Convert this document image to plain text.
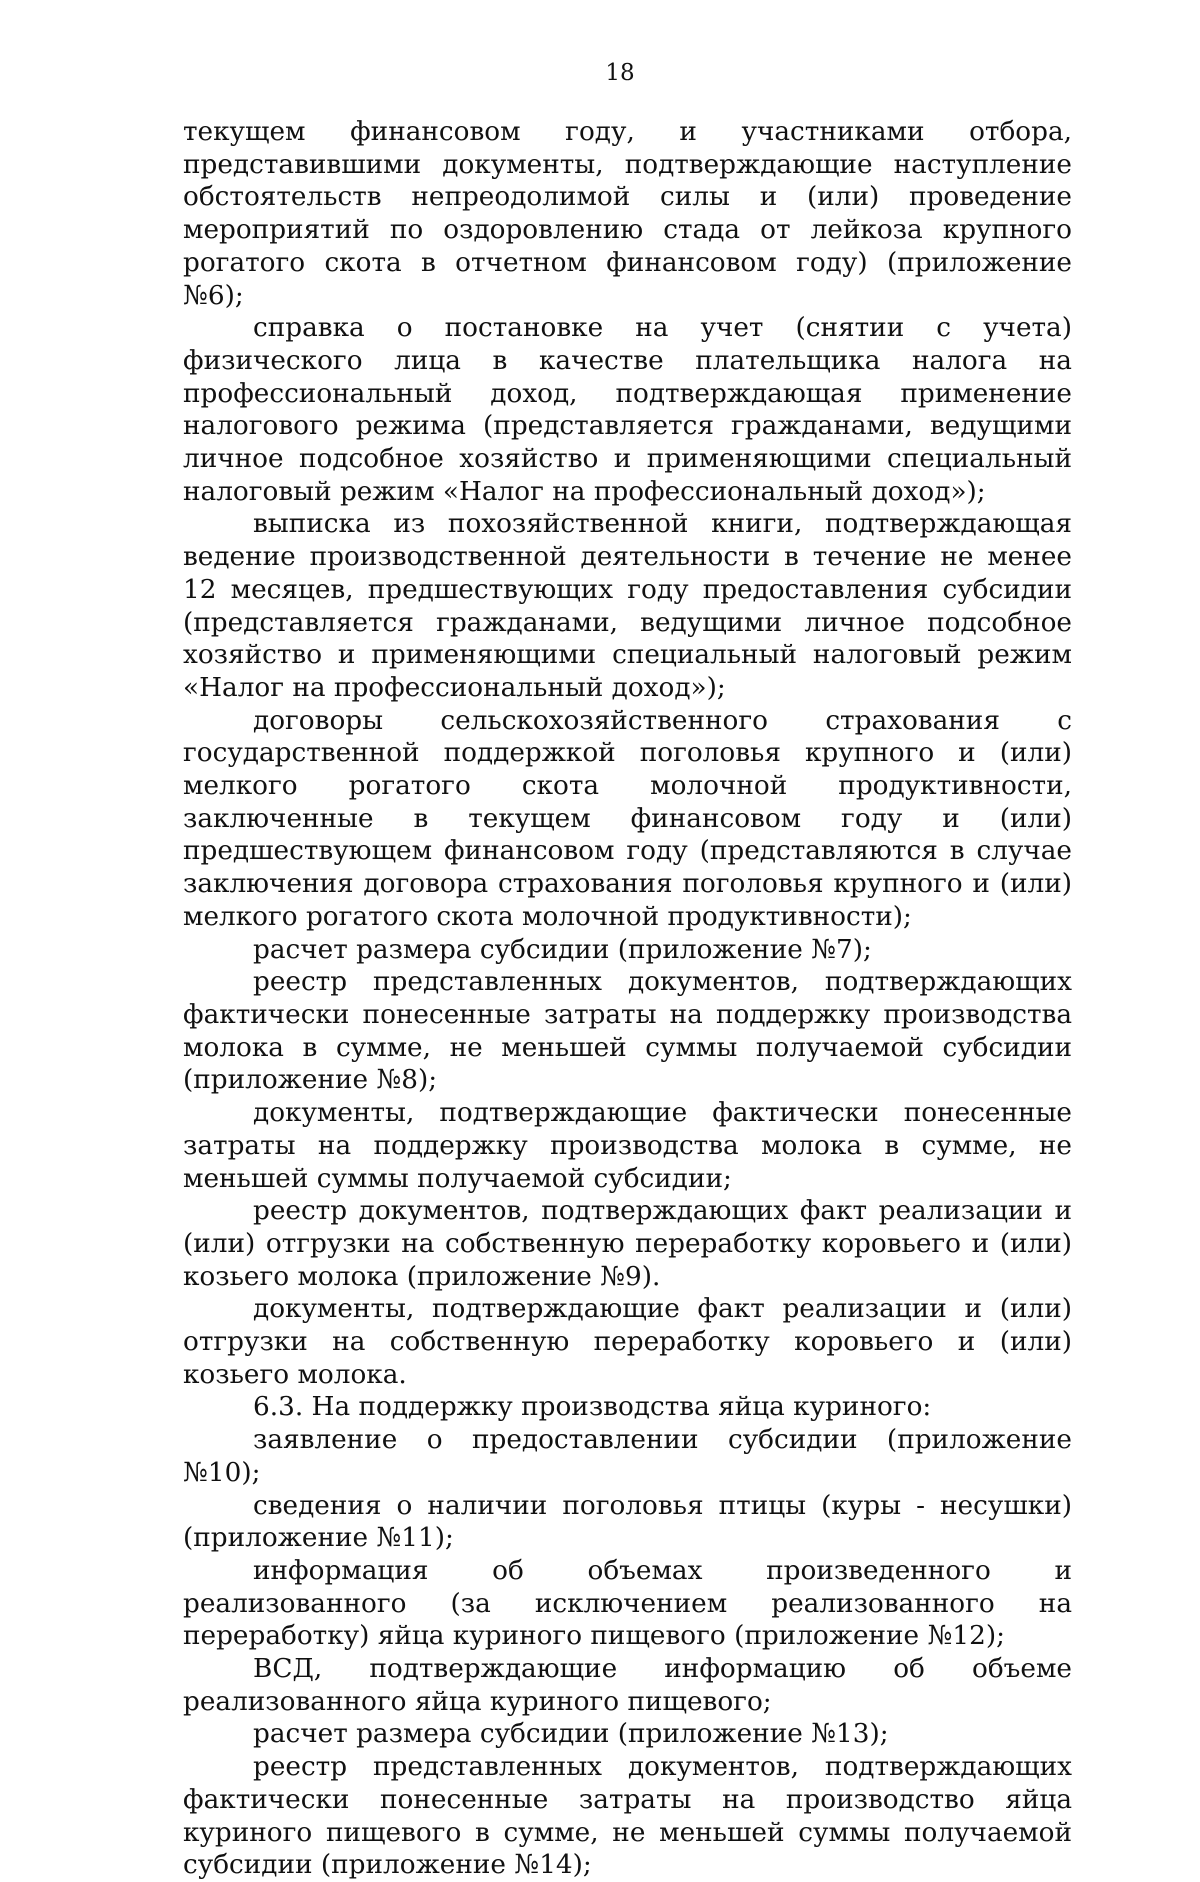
18

текущем финансовом году, и участниками отбора, представившими документы, подтверждающие наступление обстоятельств непреодолимой силы и (или) проведение мероприятий по оздоровлению стада от лейкоза крупного рогатого скота в отчетном финансовом году) (приложение №6);

справка о постановке на учет (снятии с учета) физического лица в качестве плательщика налога на профессиональный доход, подтверждающая применение налогового режима (представляется гражданами, ведущими личное подсобное хозяйство и применяющими специальный налоговый режим «Налог на профессиональный доход»);

выписка из похозяйственной книги, подтверждающая ведение производственной деятельности в течение не менее 12 месяцев, предшествующих году предоставления субсидии (представляется гражданами, ведущими личное подсобное хозяйство и применяющими специальный налоговый режим «Налог на профессиональный доход»);

договоры сельскохозяйственного страхования с государственной поддержкой поголовья крупного и (или) мелкого рогатого скота молочной продуктивности, заключенные в текущем финансовом году и (или) предшествующем финансовом году (представляются в случае заключения договора страхования поголовья крупного и (или) мелкого рогатого скота молочной продуктивности);

расчет размера субсидии (приложение №7);

реестр представленных документов, подтверждающих фактически понесенные затраты на поддержку производства молока в сумме, не меньшей суммы получаемой субсидии (приложение №8);

документы, подтверждающие фактически понесенные затраты на поддержку производства молока в сумме, не меньшей суммы получаемой субсидии;

реестр документов, подтверждающих факт реализации и (или) отгрузки на собственную переработку коровьего и (или) козьего молока (приложение №9).

документы, подтверждающие факт реализации и (или) отгрузки на собственную переработку коровьего и (или) козьего молока.

6.3. На поддержку производства яйца куриного:

заявление о предоставлении субсидии (приложение №10);

сведения о наличии поголовья птицы (куры - несушки) (приложение №11);

информация об объемах произведенного и реализованного (за исключением реализованного на переработку) яйца куриного пищевого (приложение №12);

ВСД, подтверждающие информацию об объеме реализованного яйца куриного пищевого;

расчет размера субсидии (приложение №13);

реестр представленных документов, подтверждающих фактически понесенные затраты на производство яйца куриного пищевого в сумме, не меньшей суммы получаемой субсидии (приложение №14);
